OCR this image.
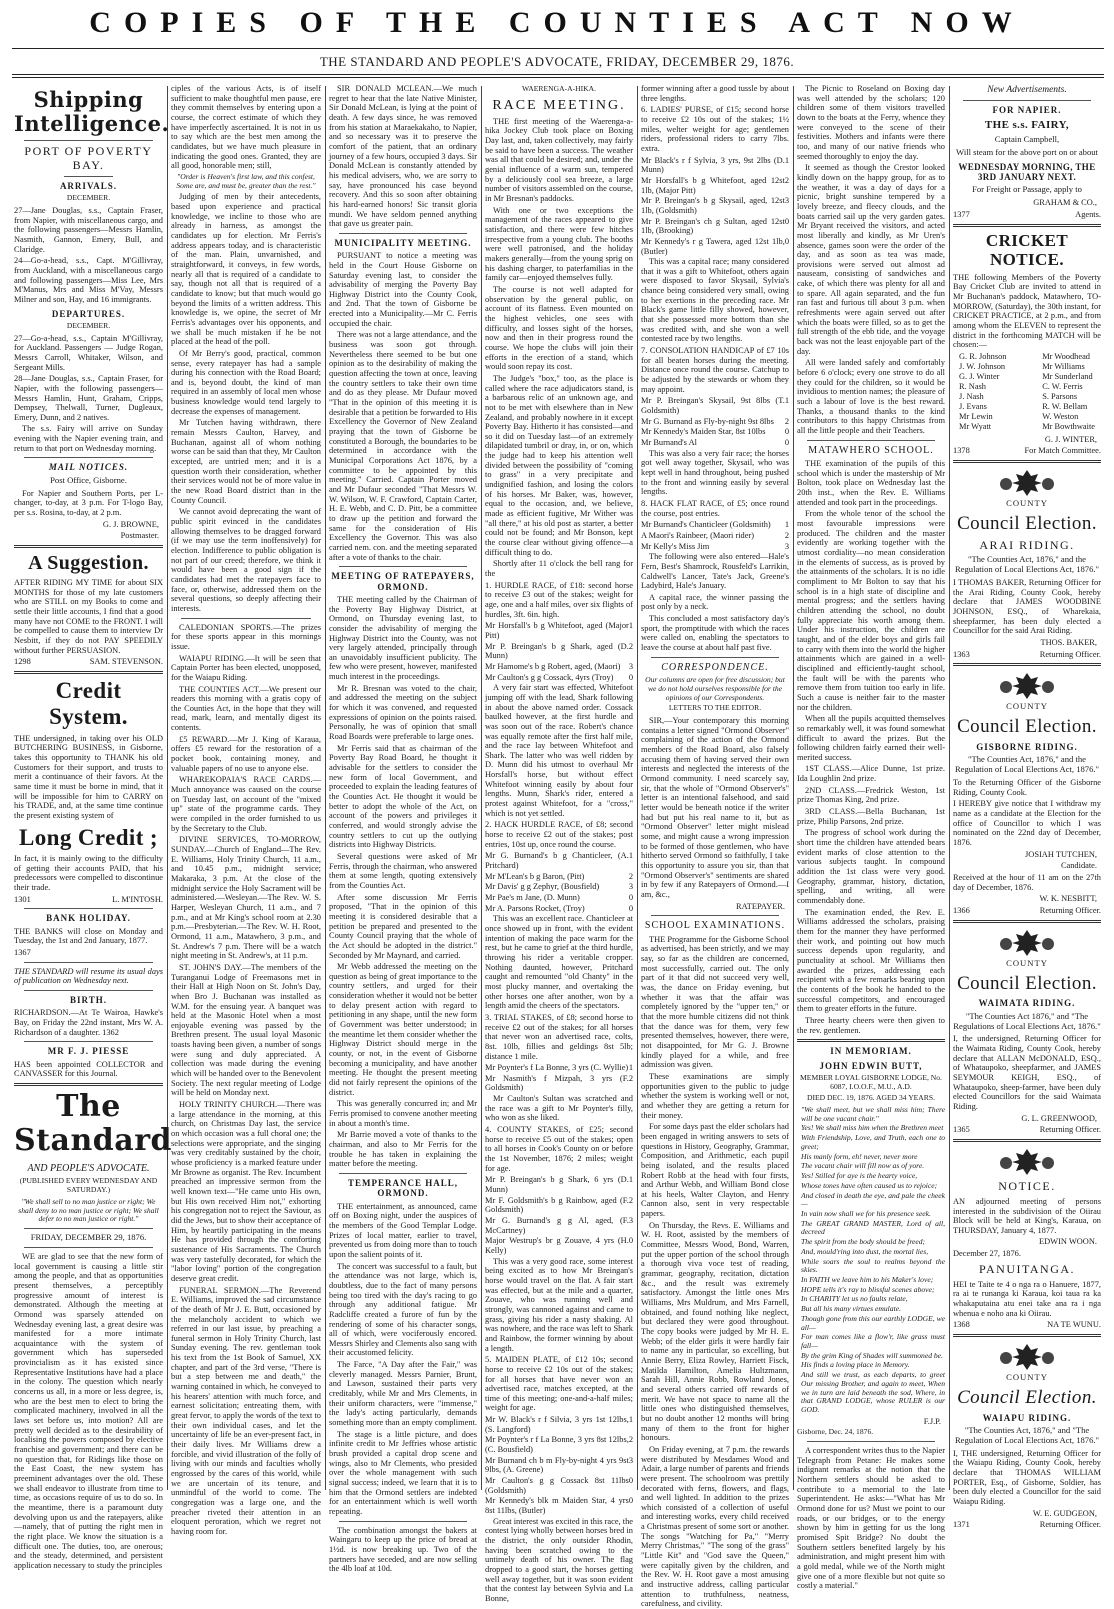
COPIES OF THE COUNTIES ACT NOW
THE STANDARD AND PEOPLE'S ADVOCATE, FRIDAY, DECEMBER 29, 1876.
Shipping Intelligence.
PORT OF POVERTY BAY.
ARRIVALS.
DECEMBER.

27—Jane Douglas, s.s., Captain Fraser, from Napier, with miscellaneous cargo, and the following passengers—Messrs Hamlin, Nasmith, Gannon, Emery, Bull, and Claridge.

24—Go-a-head, s.s., Capt. M'Gillivray, from Auckland, with a miscellaneous cargo and following passengers—Miss Lee, Mrs M'Manus, Mrs and Miss M'Vay, Messrs Milner and son, Hay, and 16 immigrants.

DEPARTURES.
DECEMBER.

27—Go-a-head, s.s., Captain M'Gillivray, for Auckland. Passengers — Judge Rogan, Messrs Carroll, Whitaker, Wilson, and Sergeant Mills.

28—Jane Douglas, s.s., Captain Fraser, for Napier, with the following passengers—Messrs Hamlin, Hunt, Graham, Cripps, Dempsey, Thelwall, Turner, Dugleaux, Emery, Dunn, and 2 natives.

The s.s. Fairy will arrive on Sunday evening with the Napier evening train, and return to that port on Wednesday morning.

MAIL NOTICES.
Post Office, Gisborne.

For Napier and Southern Ports, per L-changer, to-day, at 3 p.m. For T-logo Bay, per s.s. Rosina, to-day, at 2 p.m.

G. J. BROWNE,
Postmaster.
A Suggestion.

AFTER RIDING MY TIME for about SIX MONTHS for those of my late customers who are STILL on my Books to come and settle their little accounts, I find that a good many have not COME to the FRONT. I will be compelled to cause them to interview Dr Nesbitt, if they do not PAY SPEEDILY without further PERSUASION.

1298	SAM. STEVENSON.
Credit System.

THE undersigned, in taking over his OLD BUTCHERING BUSINESS, in Gisborne, takes this opportunity to THANK his old Customers for their support, and trusts to merit a continuance of their favors. At the same time it must be borne in mind, that it will be impossible for him to CARRY on his TRADE, and, at the same time continue the present existing system of

Long Credit ;

In fact, it is mainly owing to the difficulty of getting their accounts PAID, that his predecessors were compelled to discontinue their trade.

1301	L. M'INTOSH.
BANK HOLIDAY.

THE BANKS will close on Monday and Tuesday, the 1st and 2nd January, 1877.

1367

THE STANDARD will resume its usual days of publication on Wednesday next.

BIRTH.

RICHARDSON.—At Te Wairoa, Hawke's Bay, on Friday the 22nd instant, Mrs W. A. Richardson of a daughter. 1362

MR F. J. PIESSE

HAS been appointed COLLECTOR and CANVASSER for this Journal.

The Standard
AND PEOPLE'S ADVOCATE.
(PUBLISHED EVERY WEDNESDAY AND SATURDAY.)
"We shall sell to no man justice or right; We shall deny to no man justice or right; We shall defer to no man justice or right."
FRIDAY, DECEMBER 29, 1876.

WE are glad to see that the new form of local government is causing a little stir among the people, and that as opportunities present themselves, a perceptibly progressive amount of interest is demonstrated. Although the meeting at Ormond was sparsely attended on Wednesday evening last, a great desire was manifested for a more intimate acquaintance with the system of government which has superseded provincialism as it has existed since Representative Institutions have had a place in the colony. The question which nearly concerns us all, in a more or less degree, is, who are the best men to elect to bring the complicated machinery, involved in all the laws set before us, into motion? All are pretty well decided as to the desirability of localising the powers composed by elective franchise and government; and there can be no question that, for Ridings like those on the East Coast, the new system has preeminent advantages over the old. These we shall endeavor to illustrate from time to time, as occasions require of us to do so. In the meantime, there is a paramount duty devolving upon us and the ratepayers, alike—namely, that of putting the right men in the right place. We know the situation is a difficult one. The duties, too, are onerous; and the steady, determined, and persistent application necessary to study the principles

ciples of the various Acts, is of itself sufficient to make thoughtful men pause, ere they commit themselves by entering upon a course, the correct estimate of which they have imperfectly ascertained. It is not in us to say which are the best men among the candidates, but we have much pleasure in indicating the good ones. Granted, they are all good, honorable men; still,

"Order is Heaven's first law, and this confest, Some are, and must be, greater than the rest."

Judging of men by their antecedents, based upon experience and practical knowledge, we incline to those who are already in harness, as amongst the candidates up for election. Mr Ferris's address appears today, and is characteristic of the man. Plain, unvarnished, and straightforward, it conveys, in few words, nearly all that is required of a candidate to say, though not all that is required of a candidate to know; but that much would go beyond the limits of a written address. This knowledge is, we opine, the secret of Mr Ferris's advantages over his opponents, and we shall be much mistaken if he be not placed at the head of the poll.

Of Mr Berry's good, practical, common sense, every ratepayer has had a sample during his connection with the Road Board; and is, beyond doubt, the kind of man required in an assembly of local men whose business knowledge would tend largely to decrease the expenses of management.

Mr Tutchen having withdrawn, there remain Messrs Caulton, Harvey, and Buchanan, against all of whom nothing worse can be said than that they, Mr Caulton excepted, are untried men; and it is a question worth their consideration, whether their services would not be of more value in the new Road Board district than in the County Council.

We cannot avoid deprecating the want of public spirit evinced in the candidates allowing themselves to be dragged forward (if we may use the term inoffensively) for election. Indifference to public obligation is not part of our creed; therefore, we think it would have been a good sign if the candidates had met the ratepayers face to face, or, otherwise, addressed them on the several questions, so deeply affecting their interests.

CALEDONIAN SPORTS.—The prizes for these sports appear in this mornings issue.

WAIAPU RIDING.—It will be seen that Captain Porter has been elected, unopposed, for the Waiapu Riding.

THE COUNTIES ACT.—We present our readers this morning with a gratis copy of the Counties Act, in the hope that they will read, mark, learn, and mentally digest its contents.

£5 REWARD.—Mr J. King of Karaua, offers £5 reward for the restoration of a pocket book, containing money, and valuable papers of no use to anyone else.

WHAREKOPAIA'S RACE CARDS.—Much annoyance was caused on the course on Tuesday last, on account of the "mixed up" state of the programme cards. They were compiled in the order furnished to us by the Secretary to the Club.

DIVINE SERVICES, TO-MORROW, SUNDAY.—Church of England—The Rev. E. Williams, Holy Trinity Church, 11 a.m., and 10.45 p.m., midnight service; Makaraka, 3 p.m. At the close of the midnight service the Holy Sacrament will be administered.—Wesleyan.—The Rev. W. S. Harper, Wesleyan Church, 11 a.m., and 7 p.m., and at Mr King's school room at 2.30 p.m.—Presbyterian.—The Rev. W. H. Root, Ormond, 11 a.m., Matawhero, 3 p.m., and St. Andrew's 7 p.m. There will be a watch night meeting in St. Andrew's, at 11 p.m.

ST. JOHN'S DAY.—The members of the Turanganui Lodge of Freemasons met in their Hall at High Noon on St. John's Day, when Bro J. Buchanan was installed as W.M. for the ensuing year. A banquet was held at the Masonic Hotel when a most enjoyable evening was passed by the Brethren present. The usual loyal Masonic toasts having been given, a number of songs were sung and duly appreciated. A collection was made during the evening which will be handed over to the Benevolent Society. The next regular meeting of Lodge will be held on Monday next.

HOLY TRINITY CHURCH.—There was a large attendance in the morning, at this church, on Christmas Day last, the service on which occasion was a full choral one; the selections were appropriate, and the singing was very creditably sustained by the choir, whose proficiency is a marked feature under Mr Browne as organist. The Rev. Incumbent preached an impressive sermon from the well known text—"He came unto His own, but His own received Him not," exhorting his congregation not to reject the Saviour, as did the Jews, but to show their acceptance of Him, by heartily participating in the means He has provided through the comforting sustenance of His Sacraments. The Church was very tastefully decorated, for which the "labor loving" portion of the congregation deserve great credit.

FUNERAL SERMON.—The Reverend E. Williams, improved the sad circumstance of the death of Mr J. E. Butt, occasioned by the melancholy accident to which we referred in our last issue, by preaching a funeral sermon in Holy Trinity Church, last Sunday evening. The rev. gentleman took his text from the 1st Book of Samuel, XX chapter, and part of the 3rd verse, "There is but a step between me and death," the warning contained in which, he conveyed to his hearers' attention with much force, and earnest solicitation; entreating them, with great fervor, to apply the words of the text to their own individual cases, and let the uncertainty of life be an ever-present fact, in their daily lives. Mr Williams drew a forcible, and vivid illustration of the folly of living with our minds and faculties wholly engrossed by the cares of this world, while we are uncertain of its tenure, and unmindful of the world to come. The congregation was a large one, and the preacher riveted their attention in an eloquent peroration, which we regret not having room for.

SIR DONALD MCLEAN.—We much regret to hear that the late Native Minister, Sir Donald McLean, is lying at the point of death. A few days since, he was removed from his station at Maraekakaho, to Napier, and so necessary was it to preserve the comfort of the patient, that an ordinary journey of a few hours, occupied 3 days. Sir Donald McLean is constantly attended by his medical advisers, who, we are sorry to say, have pronounced his case beyond recovery. And this so soon after obtaining his hard-earned honors! Sic transit gloria mundi. We have seldom penned anything that gave us greater pain.

MUNICIPALITY MEETING.

PURSUANT to notice a meeting was held in the Court House Gisborne on Saturday evening last, to consider the advisability of merging the Poverty Bay Highway District into the County Cook, and 2nd. That the town of Gisborne be erected into a Municipality.—Mr C. Ferris occupied the chair.

There was not a large attendance, and the business was soon got through. Nevertheless there seemed to be but one opinion as to the desirability of making the question affecting the town at once, leaving the country settlers to take their own time and do as they please. Mr Dufaur moved "That in the opinion of this meeting it is desirable that a petition be forwarded to His Excellency the Governor of New Zealand praying that the town of Gisborne be constituted a Borough, the boundaries to be determined in accordance with the Municipal Corporations Act 1876, by a committee to be appointed by this meeting." Carried. Captain Porter moved and Mr Dufaur seconded "That Messrs W. W. Wilson, W. F. Crawford, Captain Carter, H. E. Webb, and C. D. Pitt, be a committee to draw up the petition and forward the same for the consideration of His Excellency the Governor. This was also carried nem. con. and the meeting separated after a vote of thanks to the chair.

MEETING OF RATEPAYERS, ORMOND.

THE meeting called by the Chairman of the Poverty Bay Highway District, at Ormond, on Thursday evening last, to consider the advisability of merging the Highway District into the County, was not very largely attended, principally through an unavoidably insufficient publicity. The few who were present, however, manifested much interest in the proceedings.

Mr R. Bresnan was voted to the chair, and addressed the meeting on the subject for which it was convened, and requested expressions of opinion on the points raised. Personally, he was of opinion that small Road Boards were preferable to large ones.

Mr Ferris said that as chairman of the Poverty Bay Road Board, he thought it advisable for the settlers to consider the new form of local Government, and proceeded to explain the leading features of the Counties Act. He thought it would be better to adopt the whole of the Act, on account of the powers and privileges it conferred, and would strongly advise the country settlers to cut up the outlying districts into Highway Districts.

Several questions were asked of Mr Ferris, through the chairman, who answered them at some length, quoting extensively from the Counties Act.

After some discussion Mr Ferris proposed, "That in the opinion of this meeting it is considered desirable that a petition be prepared and presented to the County Council praying that the whole of the Act should be adopted in the district." Seconded by Mr Maynard, and carried.

Mr Webb addressed the meeting on the question as being of great importance to the country settlers, and urged for their consideration whether it would not be better to delay present action with regard to petitioning in any shape, until the new form of Government was better understood; in the meantime let them consider whether the Highway District should merge in the county, or not, in the event of Gisborne becoming a municipality, and have another meeting. He thought the present meeting did not fairly represent the opinions of the district.

This was generally concurred in; and Mr Ferris promised to convene another meeting in about a month's time.

Mr Barrie moved a vote of thanks to the chairman, and also to Mr Ferris for the trouble he has taken in explaining the matter before the meeting.

TEMPERANCE HALL, ORMOND.

THE entertainment, as announced, came off on Boxing night, under the auspices of the members of the Good Templar Lodge. Prizes of local matter, earlier to travel, prevented us from doing more than to touch upon the salient points of it.

The concert was successful to a fault, but the attendance was not large, which is, doubtless, due to the fact of many persons being too tired with the day's racing to go through any additional fatigue. Mr Radcliffe created a furore of fun by the rendering of some of his character songs, all of which, were vociferously encored. Messrs Shirley and Clements also sang with their accustomed felicity.

The Farce, "A Day after the Fair," was cleverly managed. Messrs Parnier, Brunt, and Lawson, sustained their parts very creditably, while Mr and Mrs Clements, in their uniform characters, were "immense," the lady's acting particularly, demands something more than an empty compliment.

The stage is a little picture, and does infinite credit to Mr Jeffries whose artistic brush provided a capital drop scene and wings, also to Mr Clements, who presided over the whole management with such signal success; indeed, we learn that it is to him that the Ormond settlers are indebted for an entertainment which is well worth repeating.

The combination amongst the bakers at Waingaru to keep up the price of bread at 1½d. is now breaking up. Two of the partners have seceded, and are now selling the 4lb loaf at 10d.

WAERENGA-A-HIKA.
RACE MEETING.

THE first meeting of the Waerenga-a-hika Jockey Club took place on Boxing Day last, and, taken collectively, may fairly be said to have been a success. The weather was all that could be desired; and, under the genial influence of a warm sun, tempered by a deliciously cool sea breeze, a large number of visitors assembled on the course, in Mr Bresnan's paddocks.

With one or two exceptions the management of the races appeared to give satisfaction, and there were few hitches irrespective from a young club. The booths were well patronised, and the holiday makers generally—from the young sprig on his dashing charger, to paterfamilias in the family car—enjoyed themselves fully.

The course is not well adapted for observation by the general public, on account of its flatness. Even mounted on the highest vehicles, one sees with difficulty, and losses sight of the horses, now and then in their progress round the course. We hope the clubs will join their efforts in the erection of a stand, which would soon repay its cost.

The Judge's "box," too, as the place is called where the race adjudicators stand, is a barbarous relic of an unknown age, and not to be met with elsewhere than in New Zealand, and probably nowhere in it except Poverty Bay. Hitherto it has consisted—and so it did on Tuesday last—of an extremely dilapidated tumbril or dray, in, or on, which the judge had to keep his attention well divided between the possibility of "coming to grass" in a very precipitate and undignified fashion, and losing the colors of his horses. Mr Baker, was, however, equal to the occasion, and, we believe, made as efficient fugitive, Mr Wither was "all there," at his old post as starter, a better could not be found; and Mr Bonson, kept the course clear without giving offence—a difficult thing to do.

Shortly after 11 o'clock the bell rang for the

1. HURDLE RACE, of £18: second horse to receive £3 out of the stakes; weight for age, one and a half miles, over six flights of hurdles, 3ft. 6in. high.

Mr Horsfall's b g Whitefoot, aged (Major Pitt)
1
Mr P. Breingan's b g Shark, aged (D. Munn)
2
Mr Hamome's b g Robert, aged, (Maori) 3
Mr Caulton's g g Cossack, 4yrs (Troy) 0

A very fair start was effected, Whitefoot jumping off with the lead, Shark following in about the above named order. Cossack baulked however, at the first hurdle and was soon out of the race. Robert's chance was equally remote after the first half mile, and the race lay between Whitefoot and Shark. The latter who was well ridden by D. Munn did his utmost to overhaul Mr Horsfall's horse, but without effect Whitefoot winning easily by about four lengths. Munn, Shark's rider, entered a protest against Whitefoot, for a "cross," which is not yet settled.

2. HACK HURDLE RACE, of £8; second horse to receive £2 out of the stakes; post entries, 10st up, once round the course.

Mr G. Burnand's b g Chanticleer, (A. Pritchard)
1
Mr M'Lean's b g Baron, (Pitt)	2
Mr Davis' g g Zephyr, (Bousfield)	3
Mr Pae's m Jane, (D. Munn)	0
Mr A. Parsons Rocket, (Troy)	0

This was an excellent race. Chanticleer at once showed up in front, with the evident intention of making the pace warm for the rest, but he came to grief at the third hurdle, throwing his rider a veritable cropper. Nothing daunted, however, Pritchard caught and remounted "old Chanty" in the most plucky manner, and overtaking the other horses one after another, won by a length amid the cheers of the spectators.

3. TRIAL STAKES, of £8; second horse to receive £2 out of the stakes; for all horses that never won an advertised race, colts, 8st. 10lb, fillies and geldings 8st 5lb; distance 1 mile.

Mr Poynter's f La Bonne, 3 yrs (C. Wyllie) 1
Mr Nasmith's f Mizpah, 3 yrs (F. Goldsmith)
2

Mr Caulton's Sultan was scratched and the race was a gift to Mr Poynter's filly, who won as she liked.

4. COUNTY STAKES, of £25; second horse to receive £5 out of the stakes; open to all horses in Cook's County on or before the 1st November, 1876; 2 miles; weight for age.

Mr P. Breingan's b g Shark, 6 yrs (D. Munn)
1
Mr F. Goldsmith's b g Rainbow, aged (F. Goldsmith)
2
Mr G. Burnand's g g Al, aged, (F. McCartney)
3
Major Westrup's br g Zouave, 4 yrs (H. Kelly)
0

This was a very good race, some interest being excited as to how Mr Breingan's horse would travel on the flat. A fair start was effected, but at the mile and a quarter, Zouave, who was running well and strongly, was cannoned against and came to grass, giving his rider a nasty shaking. Al was nowhere, and the race was left to Shark and Rainbow, the former winning by about a length.

5. MAIDEN PLATE, of £12 10s; second horse to receive £2 10s out of the stakes; for all horses that have never won an advertised race, matches excepted, at the time of this meeting; one-and-a-half miles; weight for age.

Mr W. Black's r f Silvia, 3 yrs 1st 12lbs, (S. Langford)
1
Mr Poynter's r f La Bonne, 3 yrs 8st 12lbs, (C. Bousfield)
2
Mr Burnand ch b m Fly-by-night 4 yrs 9st 9lbs, (A. Greene)
3
Mr Caulton's g g Cossack 8st 11lbs (Goldsmith)
0
Mr Kennedy's blk m Maiden Star, 4 yrs 8st 11lbs, (Butler)
0

Great interest was excited in this race, the contest lying wholly between horses bred in the district, the only outsider Rhodin, having been scratched owing to the untimely death of his owner. The flag dropped to a good start, the horses getting well away together, but it was soon evident that the contest lay between Sylvia and La Bonne,

former winning after a good tussle by about three lengths.

6. LADIES' PURSE, of £15; second horse to receive £2 10s out of the stakes; 1½ miles, welter weight for age; gentlemen riders, professional riders to carry 7lbs. extra.

Mr Black's r f Sylvia, 3 yrs, 9st 2lbs (D. Munn)
1
Mr Horsfall's b g Whitefoot, aged 12st 1lb, (Major Pitt)
2
Mr P. Breingan's b g Skysail, aged, 12st 1lb, (Goldsmith)
3
Mr P. Breingan's ch g Sultan, aged 12st 1lb, (Brooking)
0
Mr Kennedy's r g Tawera, aged 12st 1lb, (Butler)
0

This was a capital race; many considered that it was a gift to Whitefoot, others again were disposed to favor Skysail, Sylvia's chance being considered very small, owing to her exertions in the preceding race. Mr Black's game little filly showed, however, that she possessed more bottom than she was credited with, and she won a well contested race by two lengths.

7. CONSOLATION HANDICAP of £7 10s for all beaten horses during the meeting. Distance once round the course. Catchup to be adjusted by the stewards or whom they may appoint.

Mr P. Breingan's Skysail, 9st 8lbs (T. Goldsmith)
1
Mr G. Burnand as Fly-by-night 9st 8lbs 2
Mr Kennedy's Maiden Star, 8st 10lbs 0
Mr Burnand's Al	0

This was also a very fair race; the horses got well away together, Skysail, who was kept well in hand throughout, being pushed to the front and winning easily by several lengths.

8. HACK FLAT RACE, of £5; once round the course, post entries.

Mr Burnand's Chanticleer (Goldsmith) 1
A Maori's Rainbeer, (Maori rider)	2
Mr Kelly's Miss Jim	3

The following were also entered—Hale's Fern, Best's Shamrock, Rousfeld's Larrikin, Caldwell's Lancer, Tate's Jack, Greene's Ladybird, Hale's January.

A capital race, the winner passing the post only by a neck.

This concluded a most satisfactory day's sport, the promptitude with which the races were called on, enabling the spectators to leave the course at about half past five.

CORRESPONDENCE.

Our columns are open for free discussion; but we do not hold ourselves responsible for the opinions of our Correspondents.

LETTERS TO THE EDITOR.

SIR,—Your contemporary this morning contains a letter signed "Ormond Observer" complaining of the action of the Ormond members of the Road Board, also falsely accusing them of having served their own interests and neglected the interests of the Ormond community. I need scarcely say, sir, that the whole of "Ormond Observer's" letter is an intentional falsehood, and said letter would be beneath notice if the writer had but put his real name to it, but as "Ormond Observer" letter might mislead some, and might cause a wrong impression to be formed of those gentlemen, who have hitherto served Ormond so faithfully, I take this opportunity to assure you sir, than that "Ormond Observer's" sentiments are shared in by few if any Ratepayers of Ormond.—I am, &c.,

RATEPAYER.
SCHOOL EXAMINATIONS.

THE Programme for the Gisborne School as advertised, has been strictly, and we may say, so far as the children are concerned, most successfully, carried out. The only part of it that did not succeed very well, was, the dance on Friday evening, but whether it was that the affair was completely ignored by the "upper ten," or that the more humble citizens did not think that the dance was for them, very few presented themselves, however, there were, not disappointed, for Mr G. J. Browne kindly played for a while, and free admission was given.

These examinations are simply opportunities given to the public to judge whether the system is working well or not, and whether they are getting a return for their money.

For some days past the elder scholars had been engaged in writing answers to sets of questions in History, Geography, Grammar, Composition, and Arithmetic, each pupil being isolated, and the results placed Robert Robb at the head with four firsts, and Arthur Webb, and William Bond close at his heels, Walter Clayton, and Henry Cannon also, sent in very respectable papers.

On Thursday, the Revs. E. Williams and W. H. Root, assisted by the members of Committee, Messrs Wood, Bond, Warren, put the upper portion of the school through a thorough viva voce test of reading, grammar, geography, recitation, dictation &c., and the result was extremely satisfactory. Amongst the little ones Mrs Williams, Mrs Muldrum, and Mrs Farnell, obtained, and found nothing like neglect, but declared they were good throughout. The copy books were judged by Mr H. E. Webb; of the elder girls it were hardly fair to name any in particular, so excelling, but Annie Berry, Eliza Rowley, Harriett Fisck, Matilda Hamilton, Amelia Hultzmann, Sarah Hill, Annie Robb, Rowland Jones, and several others carried off rewards of merit. We have not space to name all the little ones who distinguished themselves, but no doubt another 12 months will bring many of them to the front for higher honours.

On Friday evening, at 7 p.m. the rewards were distributed by Mesdames Wood and Adair, a large number of parents and friends were present. The schoolroom was prettily decorated with ferns, flowers, and flags, and well lighted. In addition to the prizes which consisted of a collection of useful and interesting works, every child received a Christmas present of some sort or another. The songs "Watching for Pa," "Merry Merry Christmas," "The song of the grass" "Little Kit" and "God save the Queen," were capitally given by the children, and the Rev. W. H. Root gave a most amusing and instructive address, calling particular attention to truthfulness, neatness, carefulness, and civility.

The Picnic to Roseland on Boxing day was well attended by the scholars; 120 children some of them visitors travelled down to the boats at the Ferry, whence they were conveyed to the scene of their festivities. Mothers and infants were there too, and many of our native friends who seemed thoroughly to enjoy the day.

It seemed as though the Crestor looked kindly down on the happy group, for as to the weather, it was a day of days for a picnic, bright sunshine tempered by a lovely breeze, and fleecy clouds, and the boats carried sail up the very garden gates. Mr Bryant received the visitors, and acted most liberally and kindly, as Mr Uren's absence, games soon were the order of the day, and as soon as tea was made, provisions were served out almost ad nauseam, consisting of sandwiches and cake, of which there was plenty for all and to spare. All again separated, and the fun ran fast and furious till about 3 p.m. when refreshments were again served out after which the boats were filled, so as to get the full strength of the ebb tide, and the voyage back was not the least enjoyable part of the day.

All were landed safely and comfortably before 6 o'clock; every one strove to do all they could for the children, so it would be invidious to mention names; the pleasure of such a labour of love is the best reward. Thanks, a thousand thanks to the kind contributors to this happy Christmas from all the little people and their Teachers.

MATAWHERO SCHOOL.

THE examination of the pupils of this school which is under the mastership of Mr Bolton, took place on Wednesday last the 20th inst., when the Rev. E. Williams attended and took part in the proceedings.

From the whole tenor of the school the most favourable impressions were produced. The children and the master evidently are working together with the utmost cordiality—no mean consideration in the elements of success, as is proved by the attainments of the scholars. It is no idle compliment to Mr Bolton to say that his school is in a high state of discipline and mental progress; and the settlers having children attending the school, no doubt fully appreciate his worth among them. Under his instruction, the children are taught, and of the elder boys and girls fail to carry with them into the world the higher attainments which are gained in a well-disciplined and efficiently-taught school, the fault will be with the parents who remove them from tuition too early in life. Such a cause is neither fair to the master nor the children.

When all the pupils acquitted themselves so remarkably well, it was found somewhat difficult to award the prizes. But the following children fairly earned their well-merited success.

1ST CLASS.—Alice Dunne, 1st prize. Ida Loughlin 2nd prize.

2ND CLASS.—Fredrick Weston, 1st prize Thomas King, 2nd prize.

3RD CLASS.—Bella Buchanan, 1st prize, Philip Parsons, 2nd prize.

The progress of school work during the short time the children have attended bears evident marks of close attention to the various subjects taught. In compound addition the 1st class were very good. Geography, grammar, history, dictation, spelling, and writing, all were commendably done.

The examination ended, the Rev. E. Williams addressed the scholars, praising them for the manner they have performed their work, and pointing out how much success depends upon regularity, and punctuality at school. Mr Williams then awarded the prizes, addressing each recipient with a few remarks bearing upon the contents of the book he handed to the successful competitors, and encouraged them to greater efforts in the future.

Three hearty cheers were then given to the rev. gentlemen.

IN MEMORIAM.
JOHN EDWIN BUTT,
MEMBER LOYAL GISBORNE LODGE, No. 6087, I.O.O.F., M.U., A.D.
DIED DEC. 19, 1876. AGED 34 YEARS.

"We shall meet, but we shall miss him; There will be one vacant chair."

Yes! We shall miss him when the Brethren meet

With Friendship, Love, and Truth, each one to greet;

His manly form, eh! never, never more

The vacant chair will fill now as of yore.

Yes! Stilled for aye is the hearty voice,

Whose tones have often caused us to rejoice;

And closed in death the eye, and pale the cheek—

In vain now shall we for his presence seek.

The GREAT GRAND MASTER, Lord of all, decreed

The spirit from the body should be freed;

And, mould'ring into dust, the mortal lies,

While soars the soul to realms beyond the skies.

In FAITH we leave him to his Maker's love;

HOPE tells it's ray to blissful scenes above;

In CHARITY let us no faults relate,

But all his many virtues emulate.

Though gone from this our earthly LODGE, we all—

For man comes like a flow'r, like grass must fall—

By the grim King of Shades will summoned be.

His finds a loving place in Memory.

And still we trust, as each departs, to greet Our missing Brother, and again to meet, When we in turn are laid beneath the sod, Where, in that GRAND LODGE, whose RULER is our GOD.

F.J.P.

Gisborne, Dec. 24, 1876.

A correspondent writes thus to the Napier Telegraph from Petane: He makes some indignant remarks at the notion that the Northern settlers should be asked to contribute to a memorial to the late Superintendent. He asks:—"What has Mr Ormond done for us? Must we point to our roads, or our bridges, or to the energy shown by him in getting for us the long promised Spit Bridge? No doubt the Southern settlers benefited largely by his administration, and might present him with a gold medal, while we of the North might give one of a more flexible but not quite so costly a material."

New Advertisements.
FOR NAPIER.
THE s.s. FAIRY,
Captain Campbell,
Will steam for the above port on or about
WEDNESDAY MORNING, THE 3RD JANUARY NEXT.
For Freight or Passage, apply to
GRAHAM & CO.,
1377	Agents.
CRICKET NOTICE.

THE following Members of the Poverty Bay Cricket Club are invited to attend in Mr Buchanan's paddock, Matawhero, TO-MORROW, (Saturday), the 30th instant, for CRICKET PRACTICE, at 2 p.m., and from among whom the ELEVEN to represent the district in the forthcoming MATCH will be chosen:—

G. R. Johnson
J. W. Johnson
G. J. Winter
R. Nash
J. Nash
J. Evans
Mr Lewin
Mr Wyatt
Mr Woodhead
Mr Williams
Mr Sunderland
C. W. Ferris
S. Parsons
R. W. Bellam
W. Weston
Mr Bowthwaite
G. J. WINTER,
1378	For Match Committee.
COUNTY
Council Election.
ARAI RIDING.
"The Counties Act, 1876," and the Regulation of Local Elections Act, 1876."

I THOMAS BAKER, Returning Officer for the Arai Riding, County Cook, hereby declare that JAMES WOODBINE JOHNSON, ESQ., of Wharekaia, sheepfarmer, has been duly elected a Councillor for the said Arai Riding.

THOS. BAKER,
1363	Returning Officer.
COUNTY
Council Election.
GISBORNE RIDING.
"The Counties Act, 1876," and the Regulation of Local Elections Act, 1876."

To the Returning Officer of the Gisborne Riding, County Cook.

I HEREBY give notice that I withdraw my name as a candidate at the Election for the office of Councillor to which I was nominated on the 22nd day of December, 1876.

JOSIAH TUTCHEN,
Candidate.

Received at the hour of 11 am on the 27th day of December, 1876.

W. K. NESBITT,
1366	Returning Officer.
COUNTY
Council Election.
WAIMATA RIDING.
"The Counties Act 1876," and "The Regulations of Local Elections Act, 1876."

I, the undersigned, Returning Officer for the Waimata Riding, County Cook, hereby declare that ALLAN McDONALD, ESQ., of Whataupoko, sheepfarmer, and JAMES SEYMOUR KEIGH, ESQ., of Whataupoko, sheep-farmer, have been duly elected Councillors for the said Waimata Riding.

G. L. GREENWOOD,
1365	Returning Officer.
NOTICE.

AN adjourned meeting of persons interested in the subdivision of the Oiirau Block will be held at King's, Karaua, on THURSDAY, January 4, 1877.

EDWIN WOON.

December 27, 1876.

PANUITANGA.

HEI te Taite te 4 o nga ra o Hanuere, 1877, ra ai te runanga ki Karaua, koi taua ra ka whakaputaina atu enei take ana ra i nga whenua e noho ana ki Oiirau.

1368	NA TE WUNU.
COUNTY
Council Election.
WAIAPU RIDING.
"The Counties Act, 1876," and "The Regulation of Local Elections Act, 1876."

I, THE undersigned, Returning Officer for the Waiapu Riding, County Cook, hereby declare that THOMAS WILLIAM PORTER, Esq., of Gisborne, Soldier, has been duly elected a Councillor for the said Waiapu Riding.

W. E. GUDGEON,
1371	Returning Officer.
